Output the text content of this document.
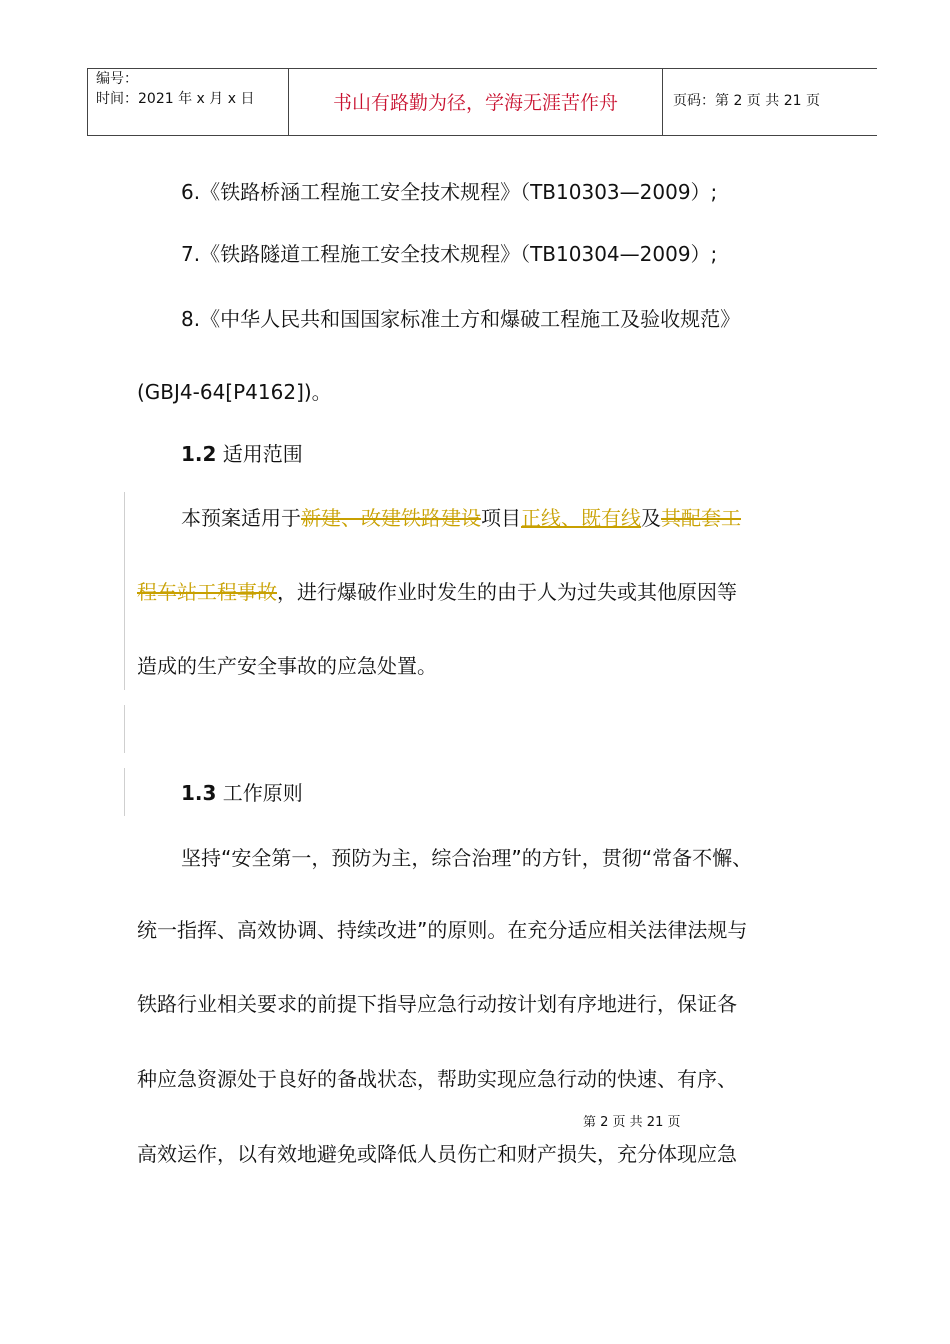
编号：
时间：2021 年 x 月 x 日	书山有路勤为径，学海无涯苦作舟	页码：第 2 页 共 21 页
6.《铁路桥涵工程施工安全技术规程》（TB10303—2009）;
7.《铁路隧道工程施工安全技术规程》（TB10304—2009）;
8.《中华人民共和国国家标准土方和爆破工程施工及验收规范》
(GBJ4-64[P4162])。
1.2 适用范围
本预案适用于新建、改建铁路建设项目正线、既有线及其配套工
程车站工程事故，进行爆破作业时发生的由于人为过失或其他原因等
造成的生产安全事故的应急处置。
1.3 工作原则
坚持“安全第一，预防为主，综合治理”的方针，贯彻“常备不懈、
统一指挥、高效协调、持续改进”的原则。在充分适应相关法律法规与
铁路行业相关要求的前提下指导应急行动按计划有序地进行，保证各
种应急资源处于良好的备战状态，帮助实现应急行动的快速、有序、
第 2 页 共 21 页
高效运作，以有效地避免或降低人员伤亡和财产损失，充分体现应急
